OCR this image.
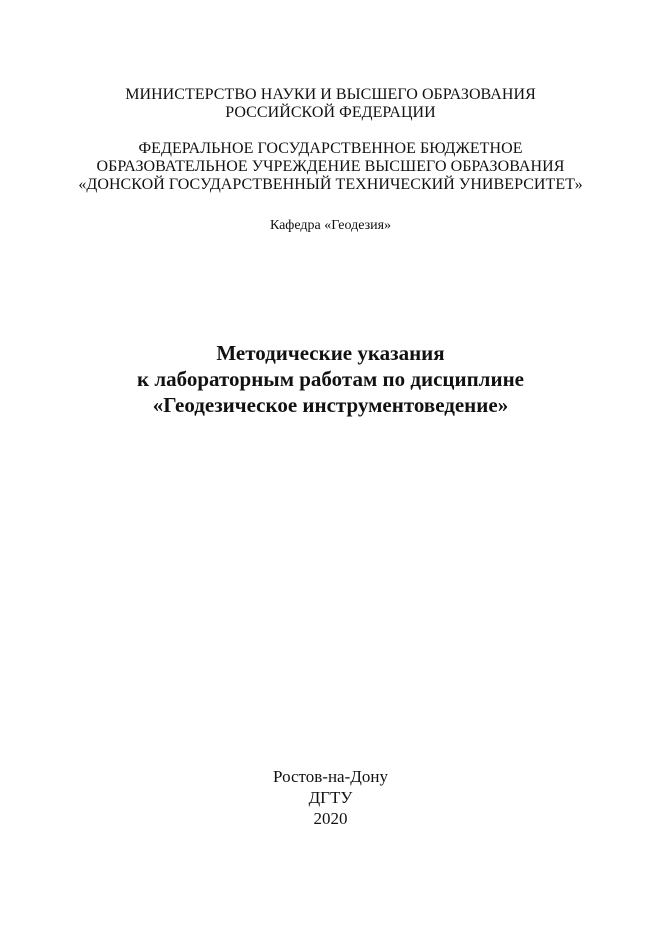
МИНИСТЕРСТВО НАУКИ И ВЫСШЕГО ОБРАЗОВАНИЯ
РОССИЙСКОЙ ФЕДЕРАЦИИ
ФЕДЕРАЛЬНОЕ ГОСУДАРСТВЕННОЕ БЮДЖЕТНОЕ
ОБРАЗОВАТЕЛЬНОЕ УЧРЕЖДЕНИЕ ВЫСШЕГО ОБРАЗОВАНИЯ
«ДОНСКОЙ ГОСУДАРСТВЕННЫЙ ТЕХНИЧЕСКИЙ УНИВЕРСИТЕТ»
Кафедра «Геодезия»
Методические указания
к лабораторным работам по дисциплине
«Геодезическое инструментоведение»
Ростов-на-Дону
ДГТУ
2020
